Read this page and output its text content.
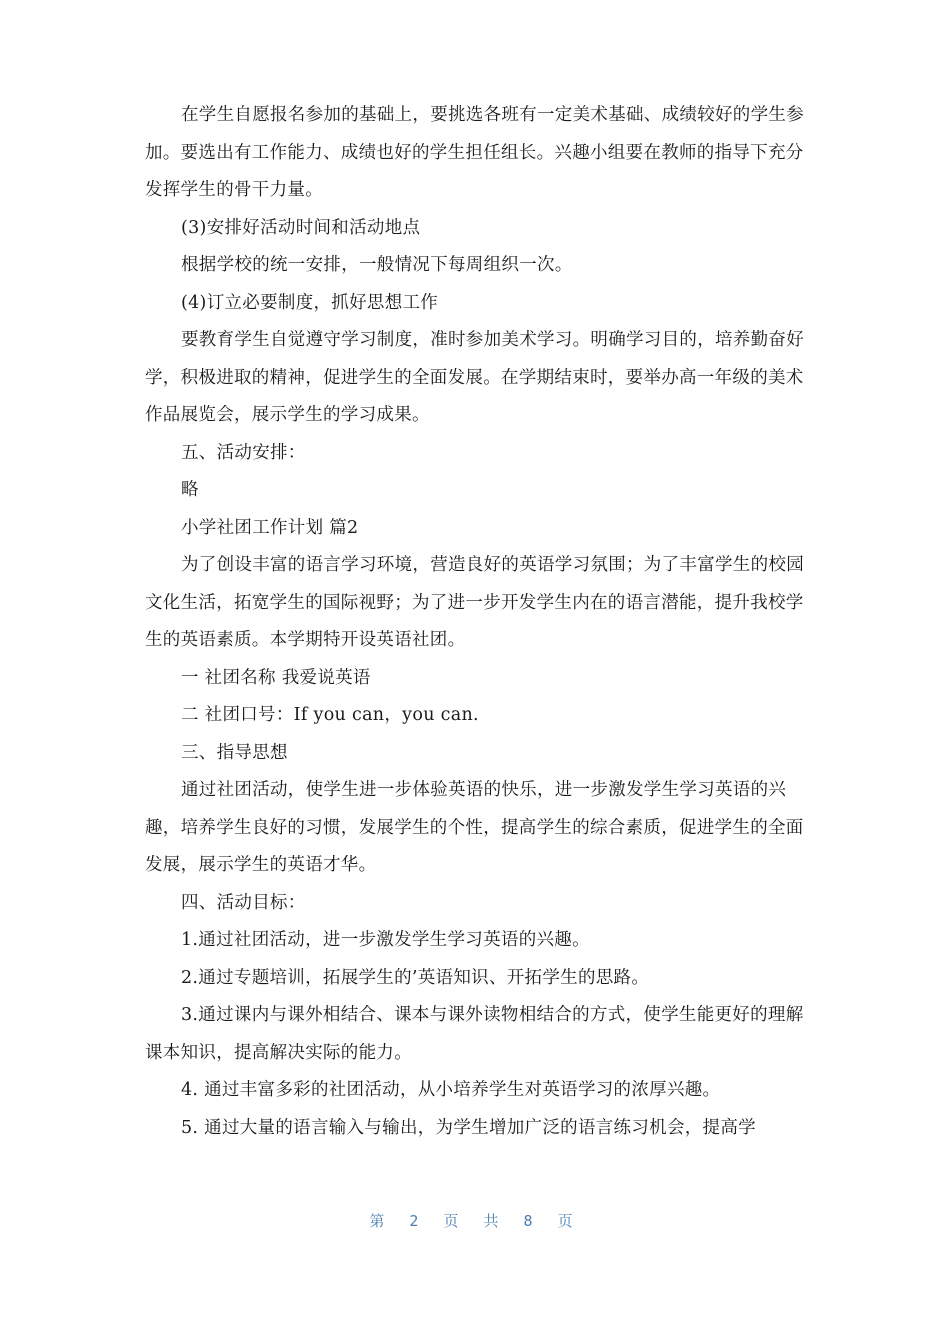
在学生自愿报名参加的基础上，要挑选各班有一定美术基础、成绩较好的学生参加。要选出有工作能力、成绩也好的学生担任组长。兴趣小组要在教师的指导下充分发挥学生的骨干力量。

(3)安排好活动时间和活动地点

根据学校的统一安排，一般情况下每周组织一次。

(4)订立必要制度，抓好思想工作

要教育学生自觉遵守学习制度，准时参加美术学习。明确学习目的，培养勤奋好学，积极进取的精神，促进学生的全面发展。在学期结束时，要举办高一年级的美术作品展览会，展示学生的学习成果。

五、活动安排：

略

小学社团工作计划 篇2

为了创设丰富的语言学习环境，营造良好的英语学习氛围；为了丰富学生的校园文化生活，拓宽学生的国际视野；为了进一步开发学生内在的语言潜能，提升我校学生的英语素质。本学期特开设英语社团。

一 社团名称 我爱说英语

二 社团口号：If you can，you can.

三、指导思想

通过社团活动，使学生进一步体验英语的快乐，进一步激发学生学习英语的兴趣，培养学生良好的习惯，发展学生的个性，提高学生的综合素质，促进学生的全面发展，展示学生的英语才华。

四、活动目标：

1.通过社团活动，进一步激发学生学习英语的兴趣。

2.通过专题培训，拓展学生的’英语知识、开拓学生的思路。

3.通过课内与课外相结合、课本与课外读物相结合的方式，使学生能更好的理解课本知识，提高解决实际的能力。

4. 通过丰富多彩的社团活动，从小培养学生对英语学习的浓厚兴趣。

5. 通过大量的语言输入与输出，为学生增加广泛的语言练习机会，提高学

第 2 页 共 8 页
